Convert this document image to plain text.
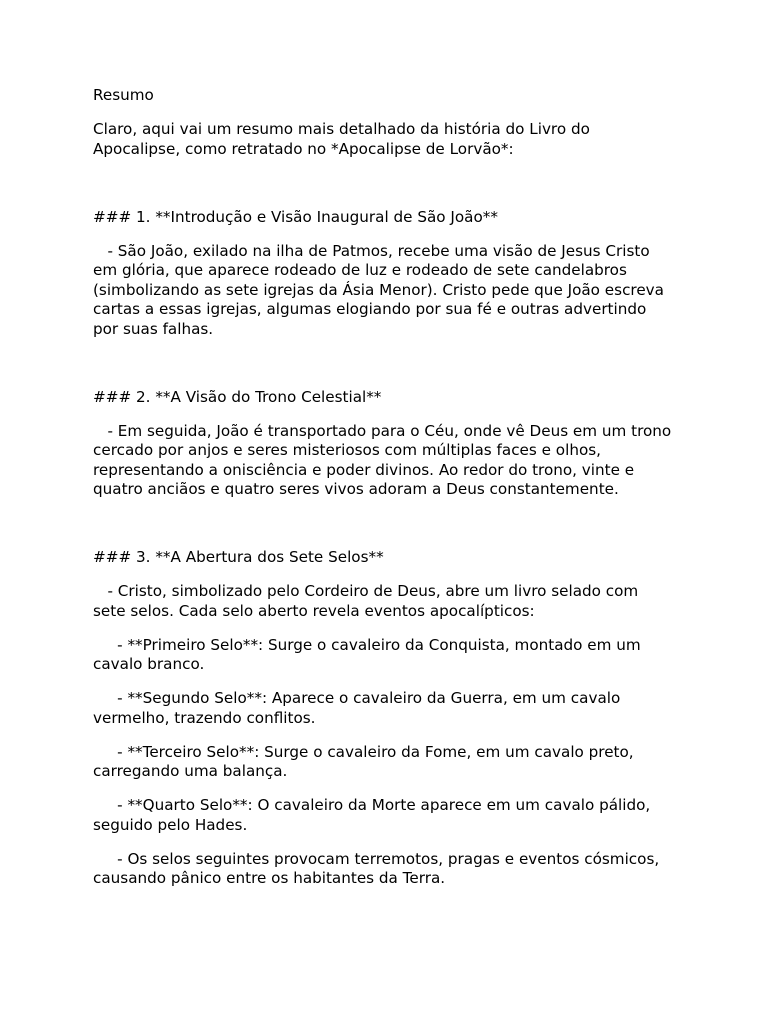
Resumo

Claro, aqui vai um resumo mais detalhado da história do Livro do Apocalipse, como retratado no *Apocalipse de Lorvão*:

### 1. **Introdução e Visão Inaugural de São João**

- São João, exilado na ilha de Patmos, recebe uma visão de Jesus Cristo em glória, que aparece rodeado de luz e rodeado de sete candelabros (simbolizando as sete igrejas da Ásia Menor). Cristo pede que João escreva cartas a essas igrejas, algumas elogiando por sua fé e outras advertindo por suas falhas.

### 2. **A Visão do Trono Celestial**

- Em seguida, João é transportado para o Céu, onde vê Deus em um trono cercado por anjos e seres misteriosos com múltiplas faces e olhos, representando a onisciência e poder divinos. Ao redor do trono, vinte e quatro anciãos e quatro seres vivos adoram a Deus constantemente.

### 3. **A Abertura dos Sete Selos**

- Cristo, simbolizado pelo Cordeiro de Deus, abre um livro selado com sete selos. Cada selo aberto revela eventos apocalípticos:

- **Primeiro Selo**: Surge o cavaleiro da Conquista, montado em um cavalo branco.

- **Segundo Selo**: Aparece o cavaleiro da Guerra, em um cavalo vermelho, trazendo conflitos.

- **Terceiro Selo**: Surge o cavaleiro da Fome, em um cavalo preto, carregando uma balança.

- **Quarto Selo**: O cavaleiro da Morte aparece em um cavalo pálido, seguido pelo Hades.

- Os selos seguintes provocam terremotos, pragas e eventos cósmicos, causando pânico entre os habitantes da Terra.
